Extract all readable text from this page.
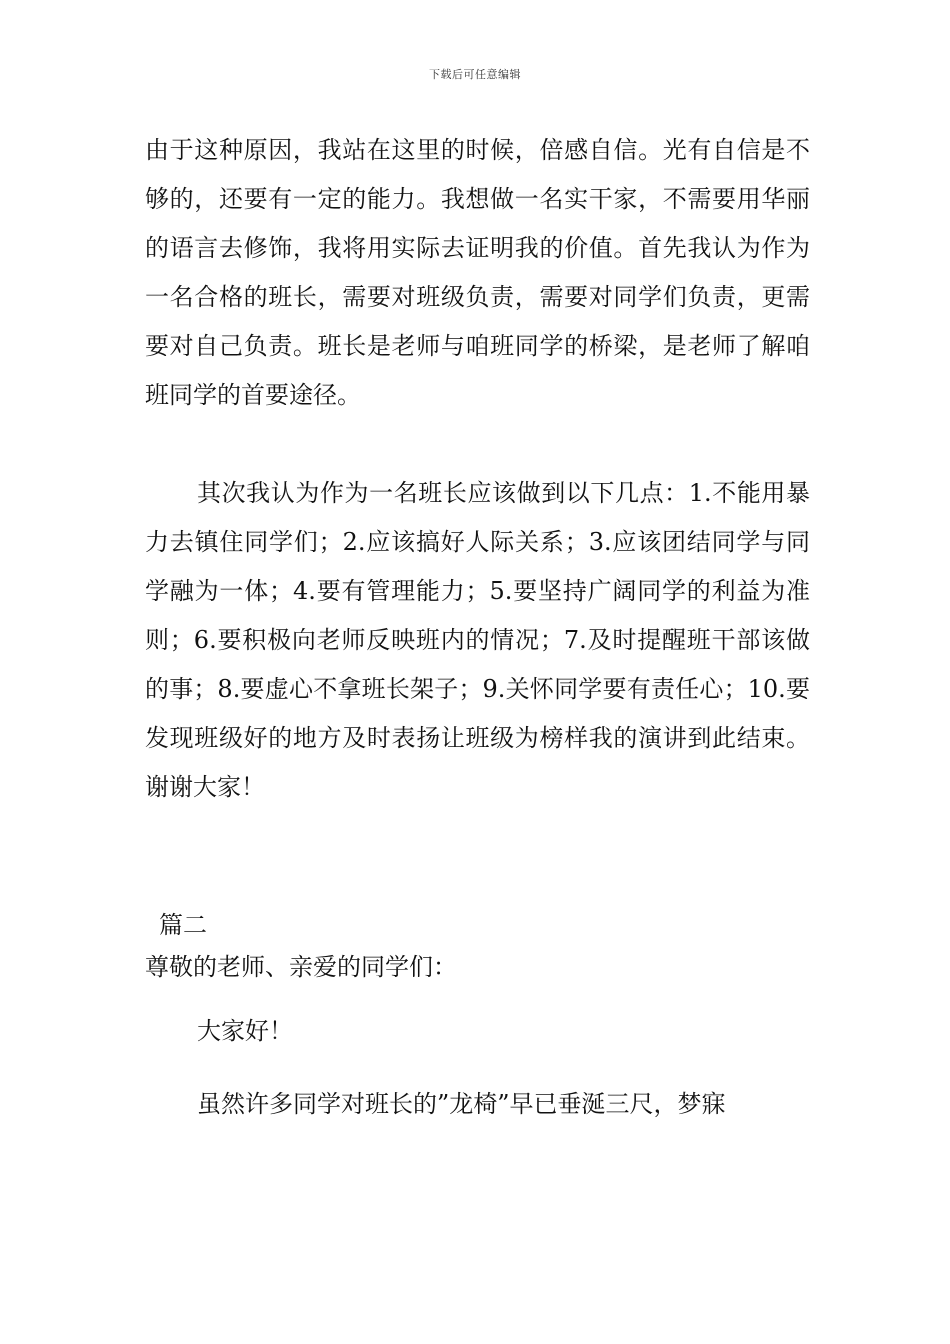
下载后可任意编辑

由于这种原因，我站在这里的时候，倍感自信。光有自信是不够的，还要有一定的能力。我想做一名实干家，不需要用华丽的语言去修饰，我将用实际去证明我的价值。首先我认为作为一名合格的班长，需要对班级负责，需要对同学们负责，更需要对自己负责。班长是老师与咱班同学的桥梁，是老师了解咱班同学的首要途径。

其次我认为作为一名班长应该做到以下几点：1.不能用暴力去镇住同学们；2.应该搞好人际关系；3.应该团结同学与同学融为一体；4.要有管理能力；5.要坚持广阔同学的利益为准则；6.要积极向老师反映班内的情况；7.及时提醒班干部该做的事；8.要虚心不拿班长架子；9.关怀同学要有责任心；10.要发现班级好的地方及时表扬让班级为榜样我的演讲到此结束。谢谢大家！

篇二

尊敬的老师、亲爱的同学们：

大家好！

虽然许多同学对班长的”龙椅”早已垂涎三尺，梦寐
